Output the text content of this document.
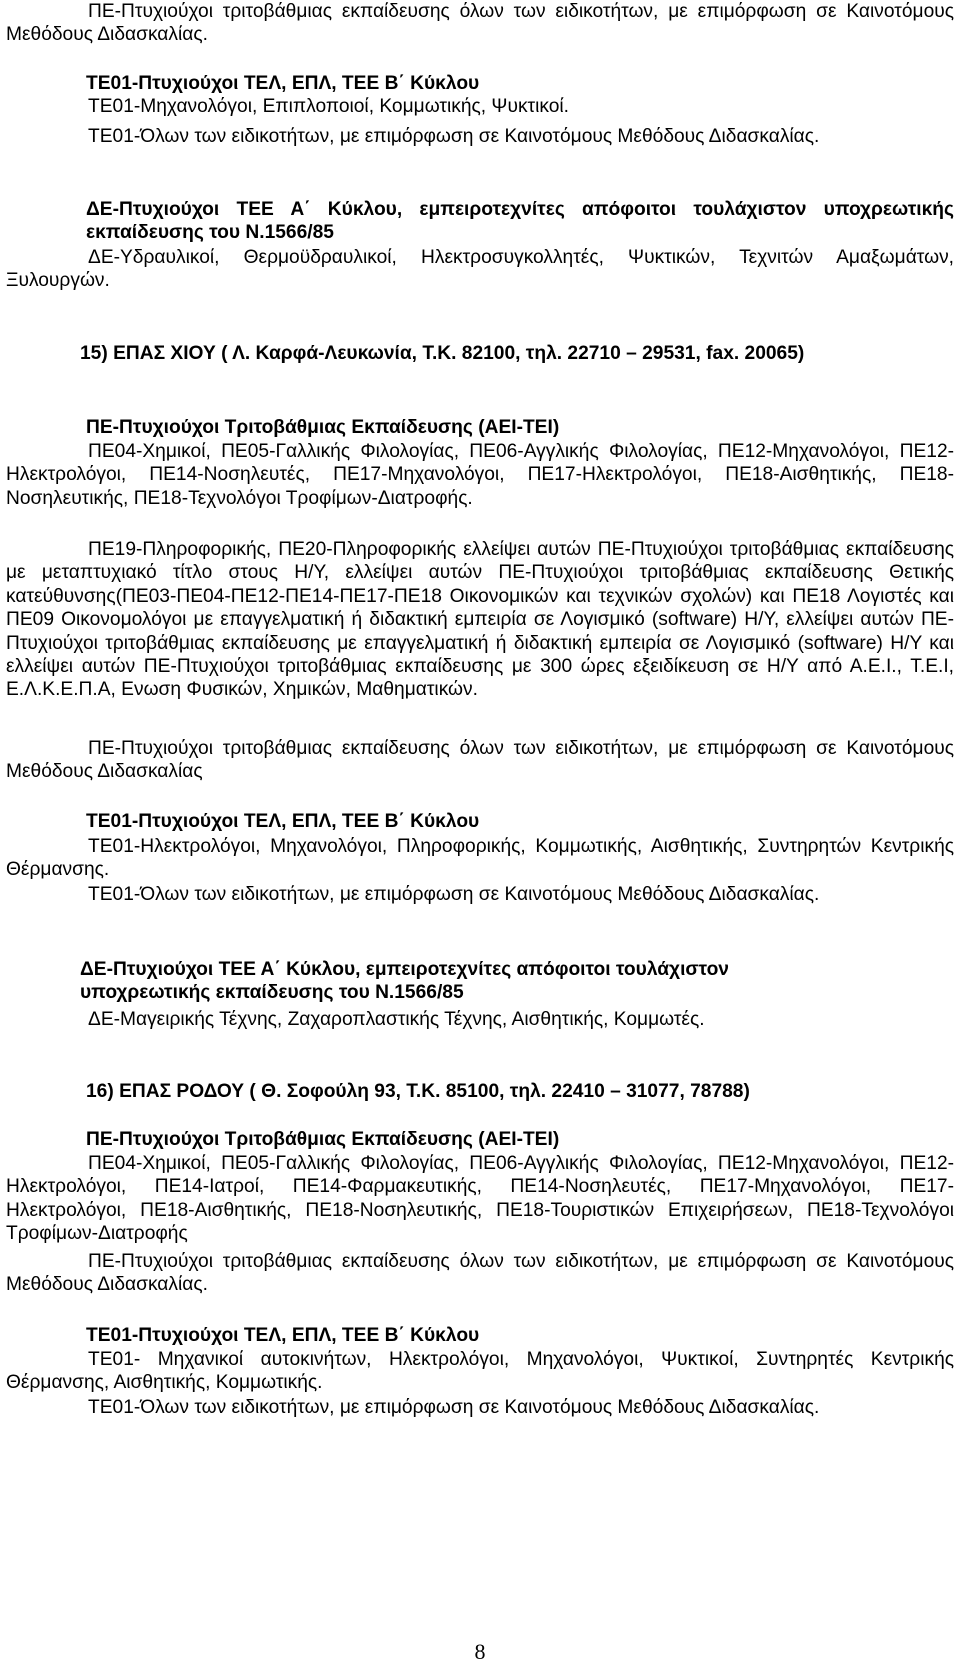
ΠΕ-Πτυχιούχοι τριτοβάθμιας εκπαίδευσης όλων των ειδικοτήτων, με επιμόρφωση σε Καινοτόμους Μεθόδους Διδασκαλίας.

ΤΕ01-Πτυχιούχοι ΤΕΛ, ΕΠΛ, ΤΕΕ Β΄ Κύκλου

ΤΕ01-Μηχανολόγοι, Επιπλοποιοί, Κομμωτικής, Ψυκτικοί.

ΤΕ01-Όλων των ειδικοτήτων, με επιμόρφωση σε Καινοτόμους Μεθόδους Διδασκαλίας.

ΔΕ-Πτυχιούχοι ΤΕΕ Α΄ Κύκλου, εμπειροτεχνίτες απόφοιτοι τουλάχιστον υποχρεωτικής εκπαίδευσης του Ν.1566/85

ΔΕ-Υδραυλικοί, Θερμοϋδραυλικοί, Ηλεκτροσυγκολλητές, Ψυκτικών, Τεχνιτών Αμαξωμάτων, Ξυλουργών.

15) ΕΠΑΣ ΧΙΟΥ ( Λ. Καρφά-Λευκωνία, Τ.Κ. 82100, τηλ. 22710 – 29531, fax. 20065)

ΠΕ-Πτυχιούχοι Τριτοβάθμιας Εκπαίδευσης (ΑΕΙ-ΤΕΙ)

ΠΕ04-Χημικοί, ΠΕ05-Γαλλικής Φιλολογίας, ΠΕ06-Αγγλικής Φιλολογίας, ΠΕ12-Μηχανολόγοι, ΠΕ12-Ηλεκτρολόγοι, ΠΕ14-Νοσηλευτές, ΠΕ17-Μηχανολόγοι, ΠΕ17-Ηλεκτρολόγοι, ΠΕ18-Αισθητικής, ΠΕ18-Νοσηλευτικής, ΠΕ18-Τεχνολόγοι Τροφίμων-Διατροφής.

ΠΕ19-Πληροφορικής, ΠΕ20-Πληροφορικής ελλείψει αυτών ΠΕ-Πτυχιούχοι τριτοβάθμιας εκπαίδευσης με μεταπτυχιακό τίτλο στους Η/Υ, ελλείψει αυτών ΠΕ-Πτυχιούχοι τριτοβάθμιας εκπαίδευσης Θετικής κατεύθυνσης(ΠΕ03-ΠΕ04-ΠΕ12-ΠΕ14-ΠΕ17-ΠΕ18 Οικονομικών και τεχνικών σχολών) και ΠΕ18 Λογιστές και ΠΕ09 Οικονομολόγοι με επαγγελματική ή διδακτική εμπειρία σε Λογισμικό (software) Η/Υ, ελλείψει αυτών ΠΕ-Πτυχιούχοι τριτοβάθμιας εκπαίδευσης με επαγγελματική ή διδακτική εμπειρία σε Λογισμικό (software) Η/Υ και ελλείψει αυτών ΠΕ-Πτυχιούχοι τριτοβάθμιας εκπαίδευσης με 300 ώρες εξειδίκευση σε Η/Υ από Α.Ε.Ι., Τ.Ε.Ι, Ε.Λ.Κ.Ε.Π.Α, Ενωση Φυσικών, Χημικών, Μαθηματικών.

ΠΕ-Πτυχιούχοι τριτοβάθμιας εκπαίδευσης όλων των ειδικοτήτων, με επιμόρφωση σε Καινοτόμους Μεθόδους Διδασκαλίας

ΤΕ01-Πτυχιούχοι ΤΕΛ, ΕΠΛ, ΤΕΕ Β΄ Κύκλου

ΤΕ01-Ηλεκτρολόγοι, Μηχανολόγοι, Πληροφορικής, Κομμωτικής, Αισθητικής, Συντηρητών Κεντρικής Θέρμανσης.

ΤΕ01-Όλων των ειδικοτήτων, με επιμόρφωση σε Καινοτόμους Μεθόδους Διδασκαλίας.

ΔΕ-Πτυχιούχοι ΤΕΕ Α΄ Κύκλου, εμπειροτεχνίτες απόφοιτοι τουλάχιστον υποχρεωτικής εκπαίδευσης του Ν.1566/85

ΔΕ-Μαγειρικής Τέχνης, Ζαχαροπλαστικής Τέχνης, Αισθητικής, Κομμωτές.

16) ΕΠΑΣ ΡΟΔΟΥ ( Θ. Σοφούλη 93, Τ.Κ. 85100, τηλ. 22410 – 31077, 78788)

ΠΕ-Πτυχιούχοι Τριτοβάθμιας Εκπαίδευσης (ΑΕΙ-ΤΕΙ)

ΠΕ04-Χημικοί, ΠΕ05-Γαλλικής Φιλολογίας, ΠΕ06-Αγγλικής Φιλολογίας, ΠΕ12-Μηχανολόγοι, ΠΕ12-Ηλεκτρολόγοι, ΠΕ14-Ιατροί, ΠΕ14-Φαρμακευτικής, ΠΕ14-Νοσηλευτές, ΠΕ17-Μηχανολόγοι, ΠΕ17-Ηλεκτρολόγοι, ΠΕ18-Αισθητικής, ΠΕ18-Νοσηλευτικής, ΠΕ18-Τουριστικών Επιχειρήσεων, ΠΕ18-Τεχνολόγοι Τροφίμων-Διατροφής

ΠΕ-Πτυχιούχοι τριτοβάθμιας εκπαίδευσης όλων των ειδικοτήτων, με επιμόρφωση σε Καινοτόμους Μεθόδους Διδασκαλίας.

ΤΕ01-Πτυχιούχοι ΤΕΛ, ΕΠΛ, ΤΕΕ Β΄ Κύκλου

ΤΕ01- Μηχανικοί αυτοκινήτων, Ηλεκτρολόγοι, Μηχανολόγοι, Ψυκτικοί, Συντηρητές Κεντρικής Θέρμανσης, Αισθητικής, Κομμωτικής.

ΤΕ01-Όλων των ειδικοτήτων, με επιμόρφωση σε Καινοτόμους Μεθόδους Διδασκαλίας.

8
